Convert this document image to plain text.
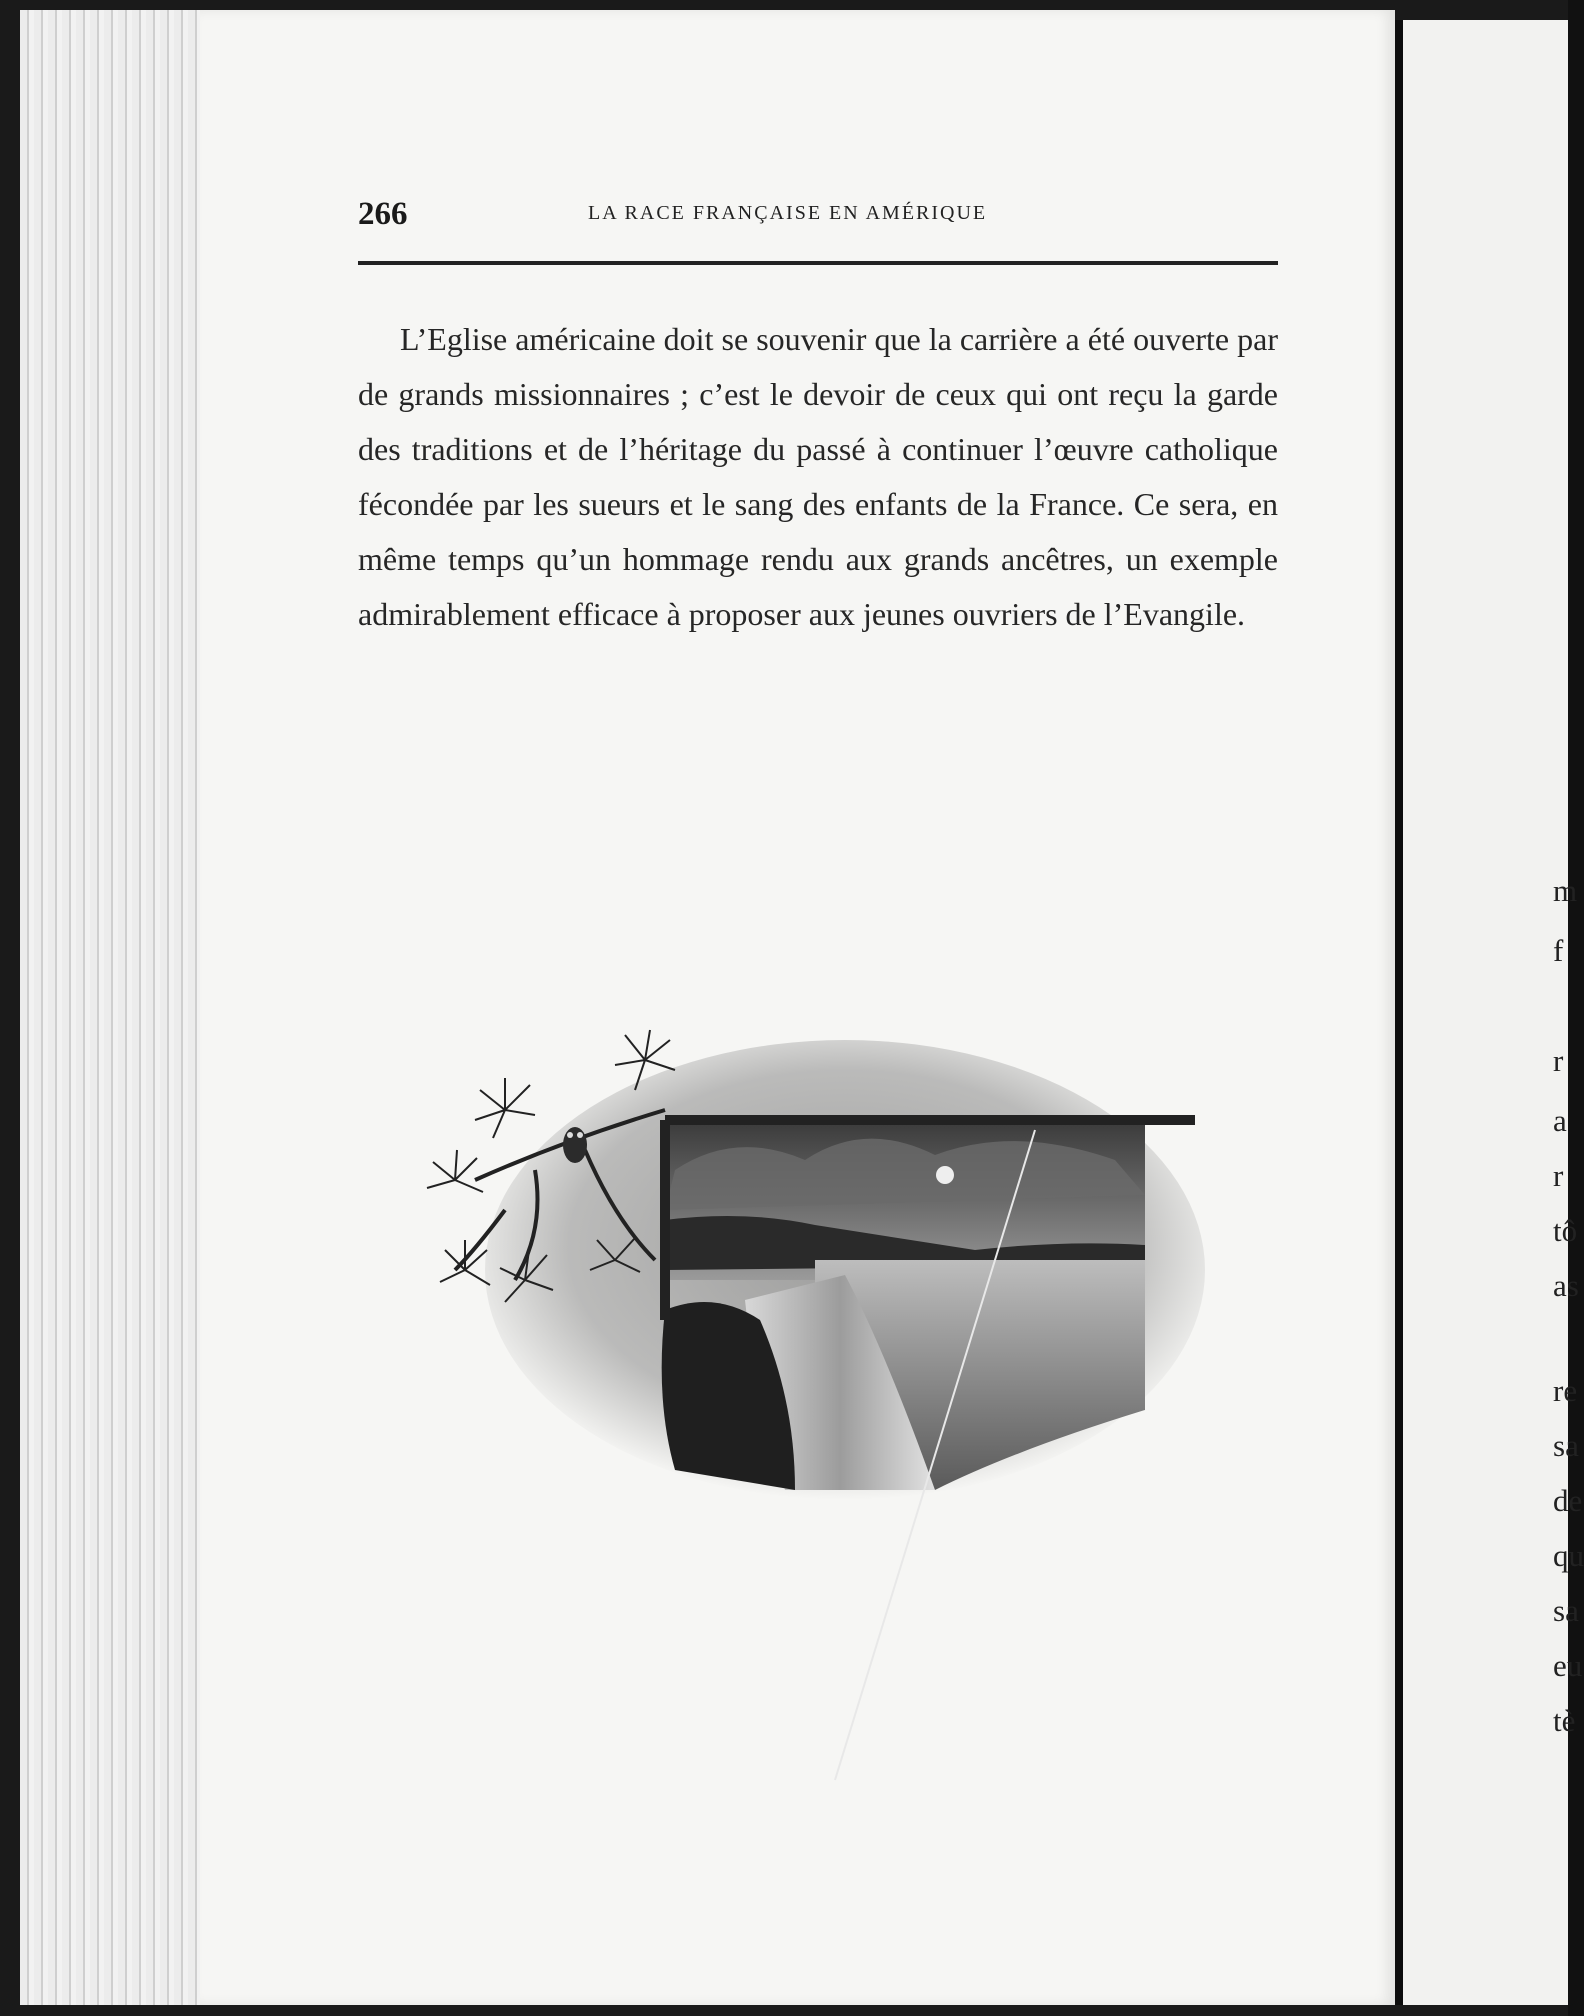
266	LA RACE FRANÇAISE EN AMÉRIQUE

L’Eglise américaine doit se souvenir que la carrière a été ouverte par de grands missionnaires ; c’est le devoir de ceux qui ont reçu la garde des traditions et de l’héritage du passé à continuer l’œuvre catholique fécondée par les sueurs et le sang des enfants de la France. Ce sera, en même temps qu’un hommage rendu aux grands ancêtres, un exemple admirablement efficace à proposer aux jeunes ouvriers de l’Evangile.

m
f
r
a
r
tô
as
re
sa
de
qu
sa
eu
tè
